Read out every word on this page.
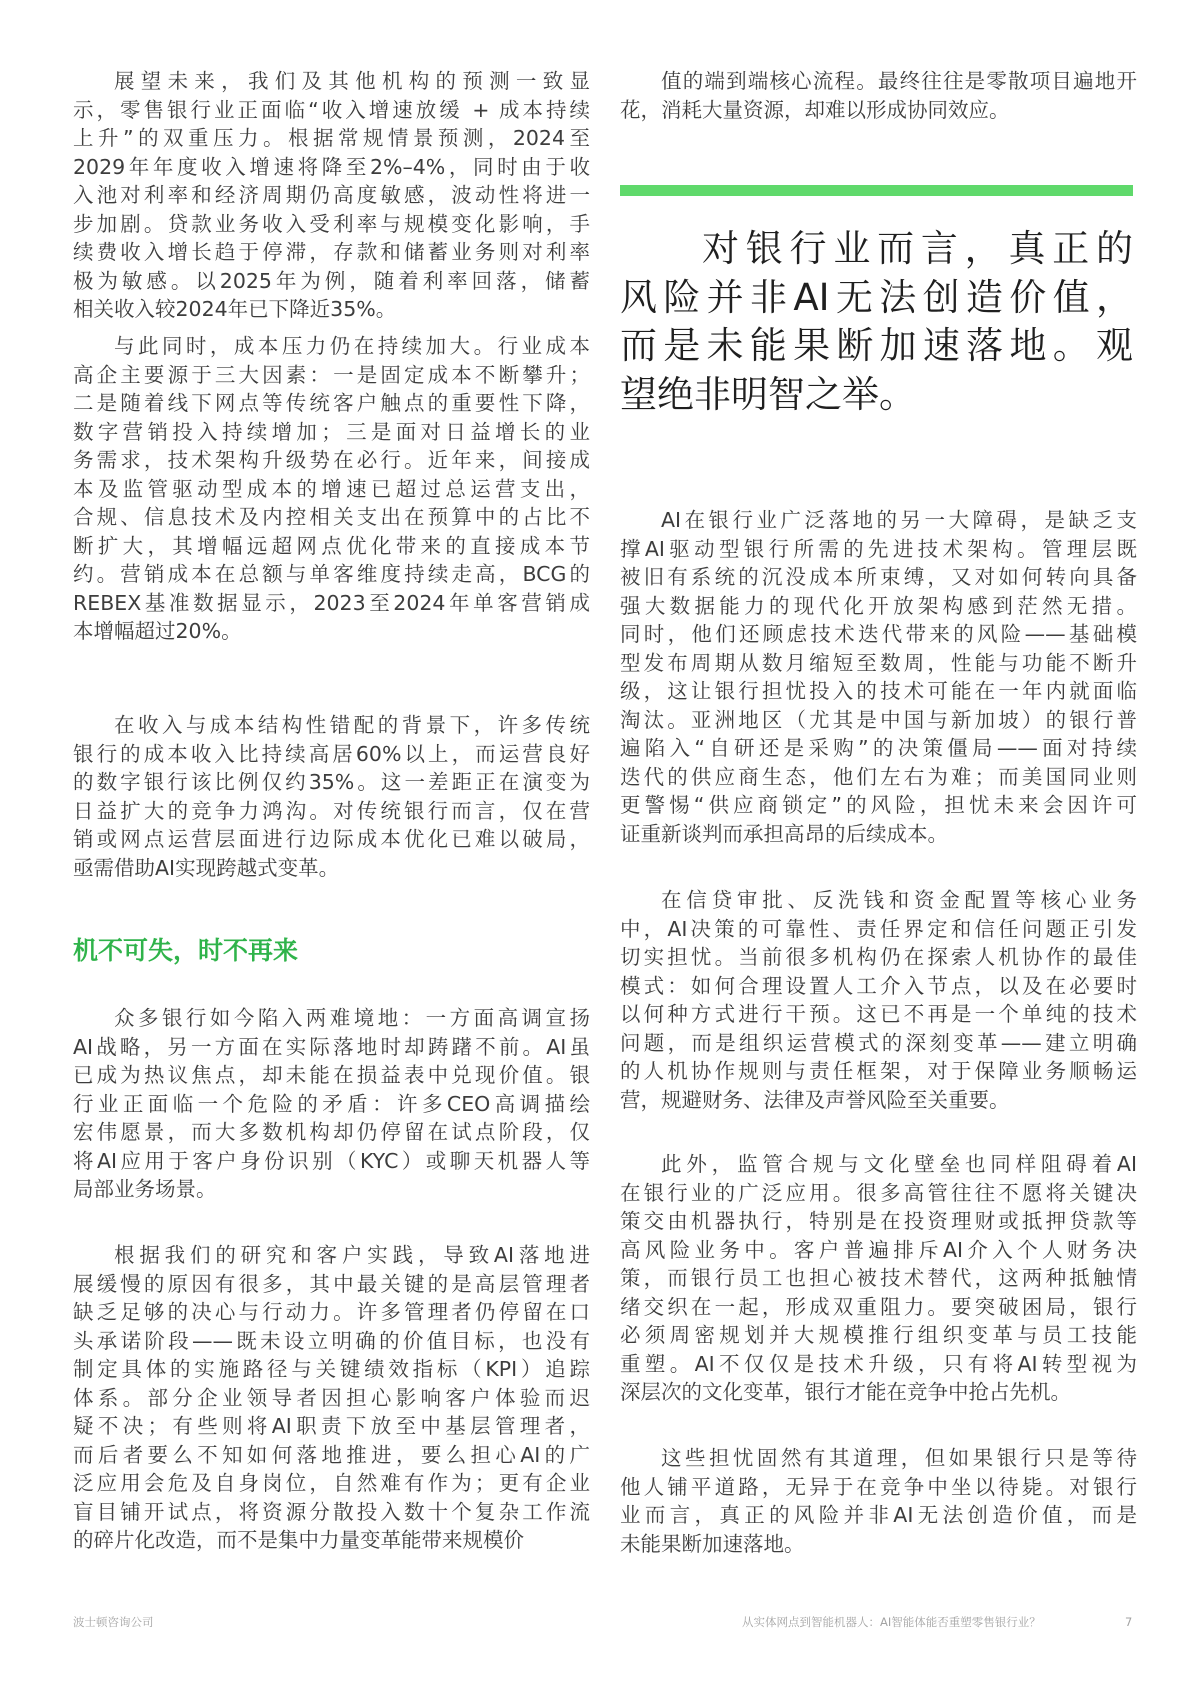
展望未来，我们及其他机构的预测一致显
示，零售银行业正面临“收入增速放缓 + 成本持续
上升”的双重压力。根据常规情景预测，2024至
2029年年度收入增速将降至2%–4%，同时由于收
入池对利率和经济周期仍高度敏感，波动性将进一
步加剧。贷款业务收入受利率与规模变化影响，手
续费收入增长趋于停滞，存款和储蓄业务则对利率
极为敏感。以2025年为例，随着利率回落，储蓄
相关收入较2024年已下降近35%。
与此同时，成本压力仍在持续加大。行业成本
高企主要源于三大因素：一是固定成本不断攀升；
二是随着线下网点等传统客户触点的重要性下降，
数字营销投入持续增加；三是面对日益增长的业
务需求，技术架构升级势在必行。近年来，间接成
本及监管驱动型成本的增速已超过总运营支出，
合规、信息技术及内控相关支出在预算中的占比不
断扩大，其增幅远超网点优化带来的直接成本节
约。营销成本在总额与单客维度持续走高，BCG的
REBEX基准数据显示，2023至2024年单客营销成
本增幅超过20%。
在收入与成本结构性错配的背景下，许多传统
银行的成本收入比持续高居60%以上，而运营良好
的数字银行该比例仅约35%。这一差距正在演变为
日益扩大的竞争力鸿沟。对传统银行而言，仅在营
销或网点运营层面进行边际成本优化已难以破局，
亟需借助AI实现跨越式变革。
机不可失，时不再来
众多银行如今陷入两难境地：一方面高调宣扬
AI战略，另一方面在实际落地时却踌躇不前。AI虽
已成为热议焦点，却未能在损益表中兑现价值。银
行业正面临一个危险的矛盾：许多CEO高调描绘
宏伟愿景，而大多数机构却仍停留在试点阶段，仅
将AI应用于客户身份识别（KYC）或聊天机器人等
局部业务场景。
根据我们的研究和客户实践，导致AI落地进
展缓慢的原因有很多，其中最关键的是高层管理者
缺乏足够的决心与行动力。许多管理者仍停留在口
头承诺阶段——既未设立明确的价值目标，也没有
制定具体的实施路径与关键绩效指标（KPI）追踪
体系。部分企业领导者因担心影响客户体验而迟
疑不决；有些则将AI职责下放至中基层管理者，
而后者要么不知如何落地推进，要么担心AI的广
泛应用会危及自身岗位，自然难有作为；更有企业
盲目铺开试点，将资源分散投入数十个复杂工作流
的碎片化改造，而不是集中力量变革能带来规模价
值的端到端核心流程。最终往往是零散项目遍地开
花，消耗大量资源，却难以形成协同效应。
对银行业而言，真正的
风险并非AI无法创造价值，
而是未能果断加速落地。观
望绝非明智之举。
AI在银行业广泛落地的另一大障碍，是缺乏支
撑AI驱动型银行所需的先进技术架构。管理层既
被旧有系统的沉没成本所束缚，又对如何转向具备
强大数据能力的现代化开放架构感到茫然无措。
同时，他们还顾虑技术迭代带来的风险——基础模
型发布周期从数月缩短至数周，性能与功能不断升
级，这让银行担忧投入的技术可能在一年内就面临
淘汰。亚洲地区（尤其是中国与新加坡）的银行普
遍陷入“自研还是采购”的决策僵局——面对持续
迭代的供应商生态，他们左右为难；而美国同业则
更警惕“供应商锁定”的风险，担忧未来会因许可
证重新谈判而承担高昂的后续成本。
在信贷审批、反洗钱和资金配置等核心业务
中，AI决策的可靠性、责任界定和信任问题正引发
切实担忧。当前很多机构仍在探索人机协作的最佳
模式：如何合理设置人工介入节点，以及在必要时
以何种方式进行干预。这已不再是一个单纯的技术
问题，而是组织运营模式的深刻变革——建立明确
的人机协作规则与责任框架，对于保障业务顺畅运
营，规避财务、法律及声誉风险至关重要。
此外，监管合规与文化壁垒也同样阻碍着AI
在银行业的广泛应用。很多高管往往不愿将关键决
策交由机器执行，特别是在投资理财或抵押贷款等
高风险业务中。客户普遍排斥AI介入个人财务决
策，而银行员工也担心被技术替代，这两种抵触情
绪交织在一起，形成双重阻力。要突破困局，银行
必须周密规划并大规模推行组织变革与员工技能
重塑。AI不仅仅是技术升级，只有将AI转型视为
深层次的文化变革，银行才能在竞争中抢占先机。
这些担忧固然有其道理，但如果银行只是等待
他人铺平道路，无异于在竞争中坐以待毙。对银行
业而言，真正的风险并非AI无法创造价值，而是
未能果断加速落地。
波士顿咨询公司	从实体网点到智能机器人：AI智能体能否重塑零售银行业？	7
